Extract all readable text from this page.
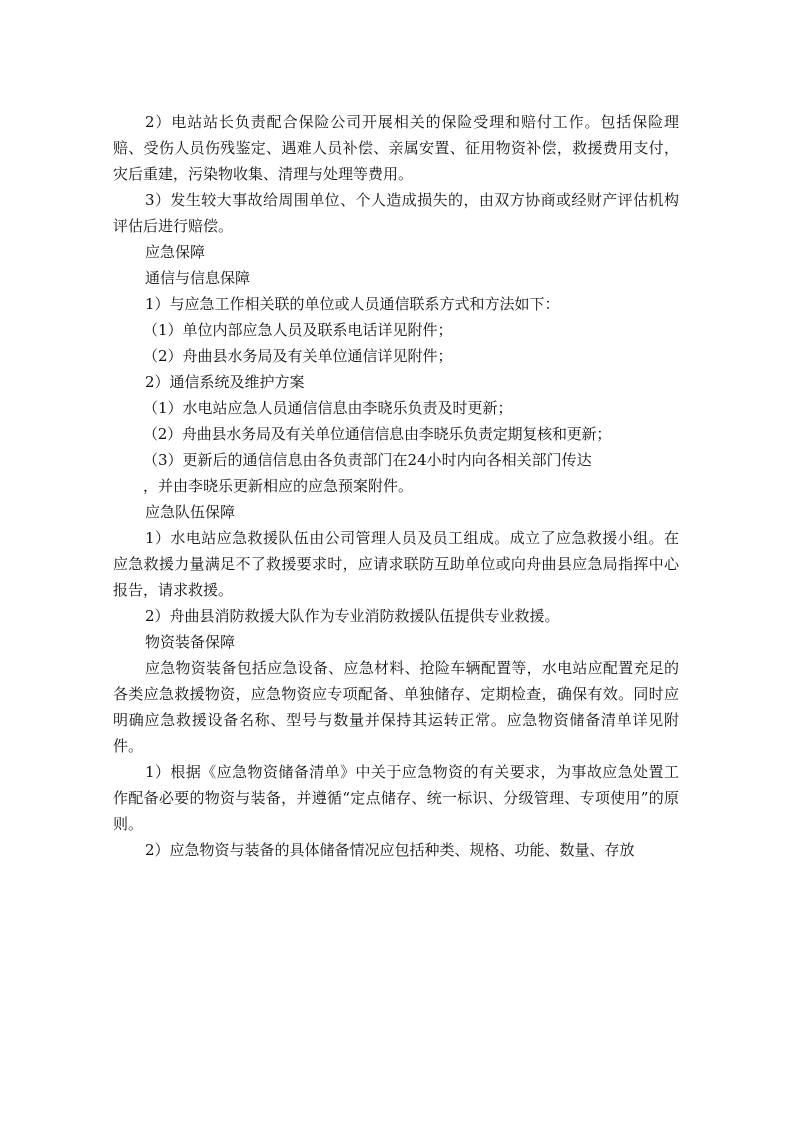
2）电站站长负责配合保险公司开展相关的保险受理和赔付工作。包括保险理赔、受伤人员伤残鉴定、遇难人员补偿、亲属安置、征用物资补偿，救援费用支付，灾后重建，污染物收集、清理与处理等费用。

3）发生较大事故给周围单位、个人造成损失的，由双方协商或经财产评估机构评估后进行赔偿。

应急保障

通信与信息保障

1）与应急工作相关联的单位或人员通信联系方式和方法如下：

（1）单位内部应急人员及联系电话详见附件；

（2）舟曲县水务局及有关单位通信详见附件；

2）通信系统及维护方案

（1）水电站应急人员通信信息由李晓乐负责及时更新；

（2）舟曲县水务局及有关单位通信信息由李晓乐负责定期复核和更新；

（3）更新后的通信信息由各负责部门在24小时内向各相关部门传达

，并由李晓乐更新相应的应急预案附件。

应急队伍保障

1）水电站应急救援队伍由公司管理人员及员工组成。成立了应急救援小组。在应急救援力量满足不了救援要求时，应请求联防互助单位或向舟曲县应急局指挥中心报告，请求救援。

2）舟曲县消防救援大队作为专业消防救援队伍提供专业救援。

物资装备保障

应急物资装备包括应急设备、应急材料、抢险车辆配置等，水电站应配置充足的各类应急救援物资，应急物资应专项配备、单独储存、定期检查，确保有效。同时应明确应急救援设备名称、型号与数量并保持其运转正常。应急物资储备清单详见附件。

1）根据《应急物资储备清单》中关于应急物资的有关要求，为事故应急处置工作配备必要的物资与装备，并遵循“定点储存、统一标识、分级管理、专项使用”的原则。

2）应急物资与装备的具体储备情况应包括种类、规格、功能、数量、存放
